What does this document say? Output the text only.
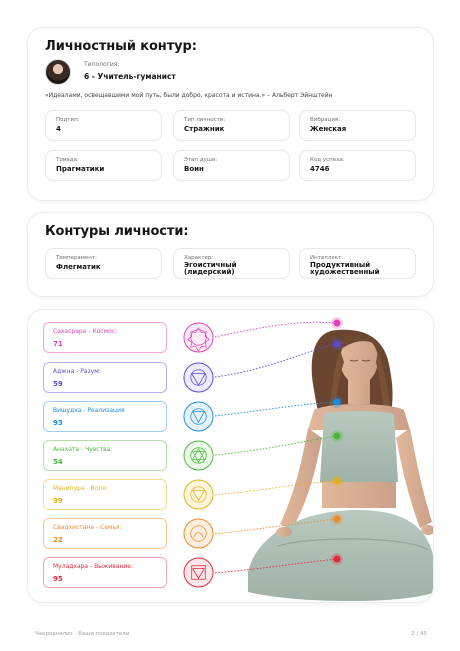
Личностный контур:
Типология:
6 - Учитель-гуманист
«Идеалами, освещавшими мой путь, были добро, красота и истина.» – Альберт Эйнштейн
Подтип:
4
Тип личности:
Стражник
Вибрация:
Женская
Триада:
Прагматики
Этап души:
Воин
Код успеха:
4746
Контуры личности:
Темперамент:
Флегматик
Характер:
Эгоистичный (лидерский)
Интеллект:
Продуктивный художественный
Сахасрара - Космос:
71
Аджна - Разум:
59
Вишудха - Реализация
93
Анахата - Чувства:
54
Манипура - Воля:
99
Свадхистана - Семья:
22
Муладхара - Выживание:
95
Чакроанализ - Ваши показатели	2 / 45
